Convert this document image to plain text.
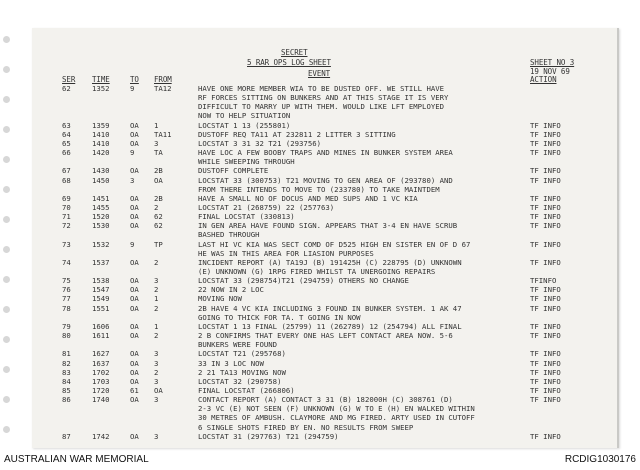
SECRET
5 RAR OPS LOG SHEET	SHEET NO 3
19 NOV 69
SER TIME	TO FROM
EVENT
ACTION
62	1352	9	TA12	HAVE ONE MORE MEMBER WIA TO BE DUSTED OFF. WE STILL HAVE
RF FORCES SITTING ON BUNKERS AND AT THIS STAGE IT IS VERY
DIFFICULT TO MARRY UP WITH THEM. WOULD LIKE LFT EMPLOYED
NOW TO HELP SITUATION
63	1359	OA 1	LOCSTAT 1 13 (255801)	TF INFO
64	1410	OA TA11	DUSTOFF REQ TA11 AT 232811 2 LITTER 3 SITTING	TF INFO
65	1410	OA 3	LOCSTAT 3 31 32 T21 (293756)	TF INFO
66	1420	9	TA	HAVE LOC A FEW BOOBY TRAPS AND MINES IN BUNKER SYSTEM AREA	TF INFO
WHILE SWEEPING THROUGH
67	1430	OA 2B	DUSTOFF COMPLETE	TF INFO
68	1450	3	OA	LOCSTAT 33 (300753) T21 MOVING TO GEN AREA OF (293780) AND	TF INFO
FROM THERE INTENDS TO MOVE TO (233780) TO TAKE MAINTDEM
69	1451	OA 2B	HAVE A SMALL NO OF DOCUS AND MED SUPS AND 1 VC KIA	TF INFO
70	1455	OA 2	LOCSTAT 21 (268759) 22 (257763)	TF INFO
71	1520	OA 62	FINAL LOCSTAT (330813)	TF INFO
72	1530	OA 62	IN GEN AREA HAVE FOUND SIGN. APPEARS THAT 3-4 EN HAVE SCRUB	TF INFO
BASHED THROUGH
73	1532	9	TP	LAST HI VC KIA WAS SECT COMD OF D525 HIGH EN SISTER EN OF D 67	TF INFO
HE WAS IN THIS AREA FOR LIASION PURPOSES
74	1537	OA 2	INCIDENT REPORT (A) TA19J (B) 191425H (C) 228795 (D) UNKNOWN	TF INFO
(E) UNKNOWN (G) 1RPG FIRED WHILST TA UNERGOING REPAIRS
75	1538	OA 3	LOCSTAT 33 (298754)T21 (294759) OTHERS NO CHANGE	TFINFO
76	1547	OA 2	22 NOW IN 2 LOC	TF INFO
77	1549	OA 1	MOVING NOW	TF INFO
78	1551	OA 2	2B HAVE 4 VC KIA INCLUDING 3 FOUND IN BUNKER SYSTEM. 1 AK 47	TF INFO
GOING TO THICK FOR TA. T GOING IN NOW
79	1606	OA 1	LOCSTAT 1 13 FINAL (25799) 11 (262789) 12 (254794) ALL FINAL	TF INFO
80	1611	OA 2	2 B CONFIRMS THAT EVERY ONE HAS LEFT CONTACT AREA NOW. 5-6	TF INFO
BUNKERS WERE FOUND
81	1627	OA 3	LOCSTAT T21 (295768)	TF INFO
82	1637	OA 3	33 IN 3 LOC NOW	TF INFO
83	1702	OA 2	2 21 TA13 MOVING NOW	TF INFO
84	1703	OA 3	LOCSTAT 32 (290758)	TF INFO
85	1720	61 OA	FINAL LOCSTAT (266806)	TF INFO
86	1740	OA 3	CONTACT REPORT (A) CONTACT 3 31 (B) 182000H (C) 308761 (D)	TF INFO
2-3 VC (E) NOT SEEN (F) UNKNOWN (G) W TO E (H) EN WALKED WITHIN
30 METRES OF AMBUSH. CLAYMORE AND MG FIRED. ARTY USED IN CUTOFF
6 SINGLE SHOTS FIRED BY EN. NO RESULTS FROM SWEEP
87	1742	OA 3	LOCSTAT 31 (297763) T21 (294759)	TF INFO
AUSTRALIAN WAR MEMORIAL	RCDIG1030176
